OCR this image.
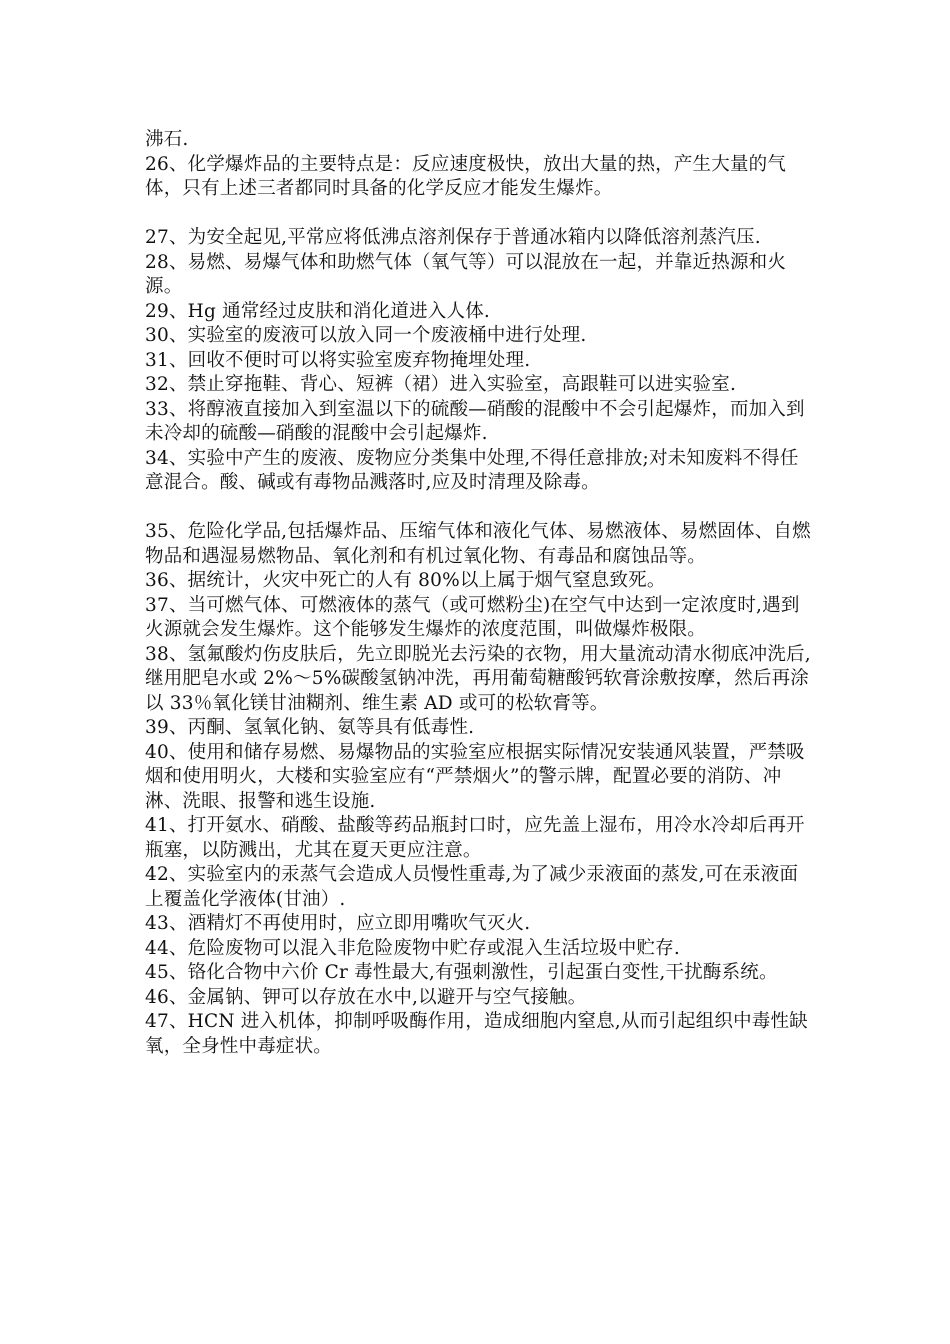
沸石.

26、化学爆炸品的主要特点是：反应速度极快，放出大量的热，产生大量的气体，只有上述三者都同时具备的化学反应才能发生爆炸。

27、为安全起见,平常应将低沸点溶剂保存于普通冰箱内以降低溶剂蒸汽压.

28、易燃、易爆气体和助燃气体（氧气等）可以混放在一起，并靠近热源和火源。

29、Hg 通常经过皮肤和消化道进入人体.

30、实验室的废液可以放入同一个废液桶中进行处理.

31、回收不便时可以将实验室废弃物掩埋处理.

32、禁止穿拖鞋、背心、短裤（裙）进入实验室，高跟鞋可以进实验室.

33、将醇液直接加入到室温以下的硫酸—硝酸的混酸中不会引起爆炸，而加入到未冷却的硫酸—硝酸的混酸中会引起爆炸.

34、实验中产生的废液、废物应分类集中处理,不得任意排放;对未知废料不得任意混合。酸、碱或有毒物品溅落时,应及时清理及除毒。

35、危险化学品,包括爆炸品、压缩气体和液化气体、易燃液体、易燃固体、自燃物品和遇湿易燃物品、氧化剂和有机过氧化物、有毒品和腐蚀品等。

36、据统计，火灾中死亡的人有 80%以上属于烟气窒息致死。

37、当可燃气体、可燃液体的蒸气（或可燃粉尘)在空气中达到一定浓度时,遇到火源就会发生爆炸。这个能够发生爆炸的浓度范围，叫做爆炸极限。

38、氢氟酸灼伤皮肤后，先立即脱光去污染的衣物，用大量流动清水彻底冲洗后,继用肥皂水或 2%～5%碳酸氢钠冲洗，再用葡萄糖酸钙软膏涂敷按摩，然后再涂以 33％氧化镁甘油糊剂、维生素 AD 或可的松软膏等。

39、丙酮、氢氧化钠、氨等具有低毒性.

40、使用和储存易燃、易爆物品的实验室应根据实际情况安装通风装置，严禁吸烟和使用明火，大楼和实验室应有“严禁烟火”的警示牌，配置必要的消防、冲淋、洗眼、报警和逃生设施.

41、打开氨水、硝酸、盐酸等药品瓶封口时，应先盖上湿布，用冷水冷却后再开瓶塞，以防溅出，尤其在夏天更应注意。

42、实验室内的汞蒸气会造成人员慢性重毒,为了减少汞液面的蒸发,可在汞液面上覆盖化学液体(甘油）.

43、酒精灯不再使用时，应立即用嘴吹气灭火.

44、危险废物可以混入非危险废物中贮存或混入生活垃圾中贮存.

45、铬化合物中六价 Cr 毒性最大,有强刺激性，引起蛋白变性,干扰酶系统。

46、金属钠、钾可以存放在水中,以避开与空气接触。

47、HCN 进入机体，抑制呼吸酶作用，造成细胞内窒息,从而引起组织中毒性缺氧，全身性中毒症状。
